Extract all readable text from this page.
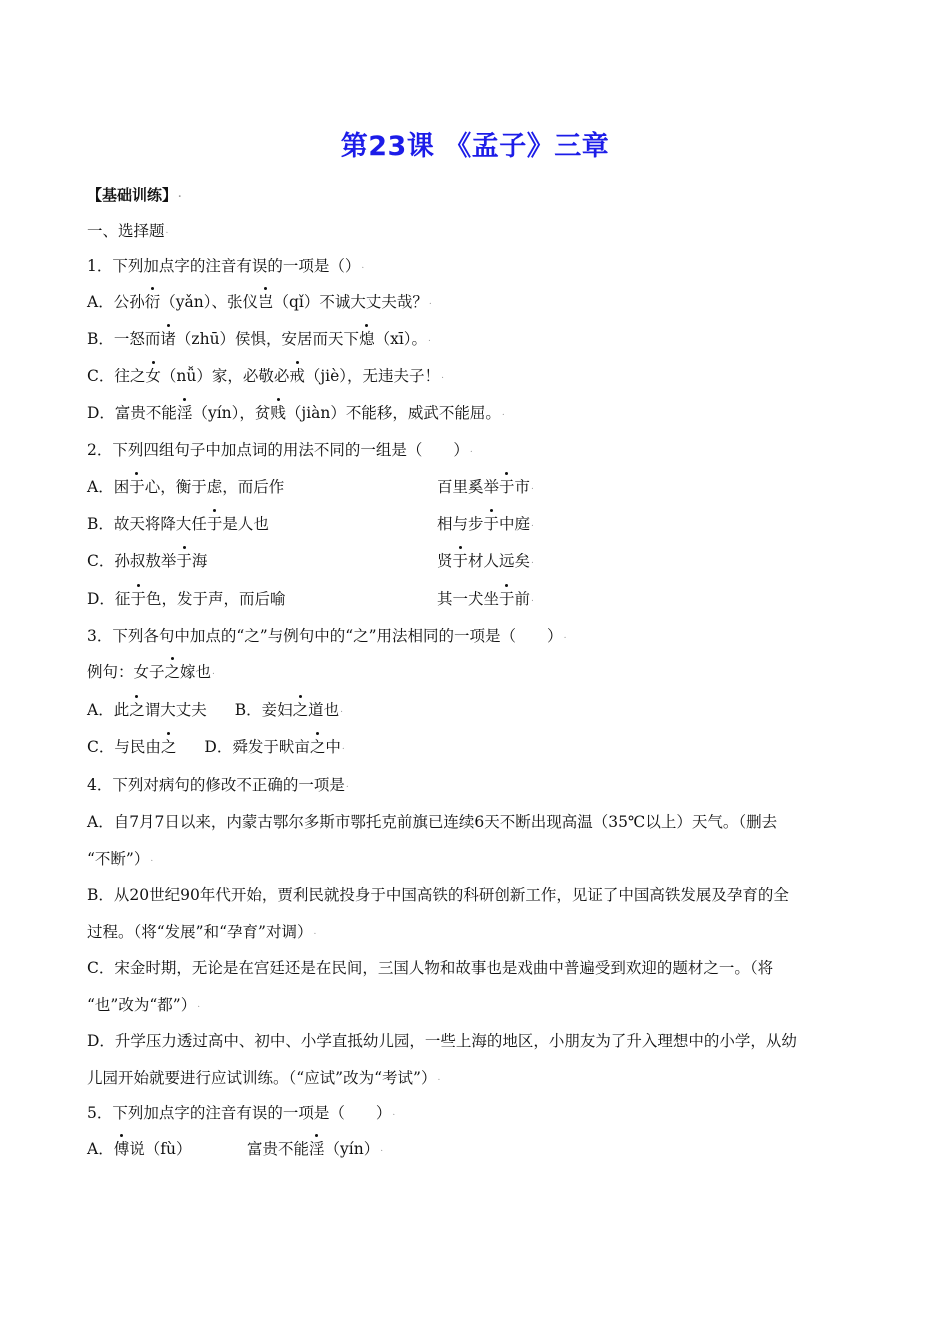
第23课 《孟子》三章
【基础训练】.
一、选择题.
1．下列加点字的注音有误的一项是（）.
A．公孙衍（yǎn）、张仪岂（qǐ）不诚大丈夫哉？.
B．一怒而诸（zhū）侯惧，安居而天下熄（xī）。.
C．往之女（nǚ）家，必敬必戒（jiè），无违夫子！.
D．富贵不能淫（yín），贫贱（jiàn）不能移，威武不能屈。.
2．下列四组句子中加点词的用法不同的一组是（　　）.
A．困于心，衡于虑，而后作	百里奚举于市.
B．故天将降大任于是人也	相与步于中庭.
C．孙叔敖举于海	贤于材人远矣.
D．征于色，发于声，而后喻	其一犬坐于前.
3．下列各句中加点的“之”与例句中的“之”用法相同的一项是（　　）.
例句：女子之嫁也.
A．此之谓大丈夫 B．妾妇之道也.
C．与民由之 D．舜发于畎亩之中.
4．下列对病句的修改不正确的一项是.
A．自7月7日以来，内蒙古鄂尔多斯市鄂托克前旗已连续6天不断出现高温（35℃以上）天气。（删去
“不断”）.
B．从20世纪90年代开始，贾利民就投身于中国高铁的科研创新工作，见证了中国高铁发展及孕育的全
过程。（将“发展”和“孕育”对调）.
C．宋金时期，无论是在宫廷还是在民间，三国人物和故事也是戏曲中普遍受到欢迎的题材之一。（将
“也”改为“都”）.
D．升学压力透过高中、初中、小学直抵幼儿园，一些上海的地区，小朋友为了升入理想中的小学，从幼
儿园开始就要进行应试训练。（“应试”改为“考试”）.
5．下列加点字的注音有误的一项是（　　）.
A．傅说（fù）	富贵不能淫（yín）.
